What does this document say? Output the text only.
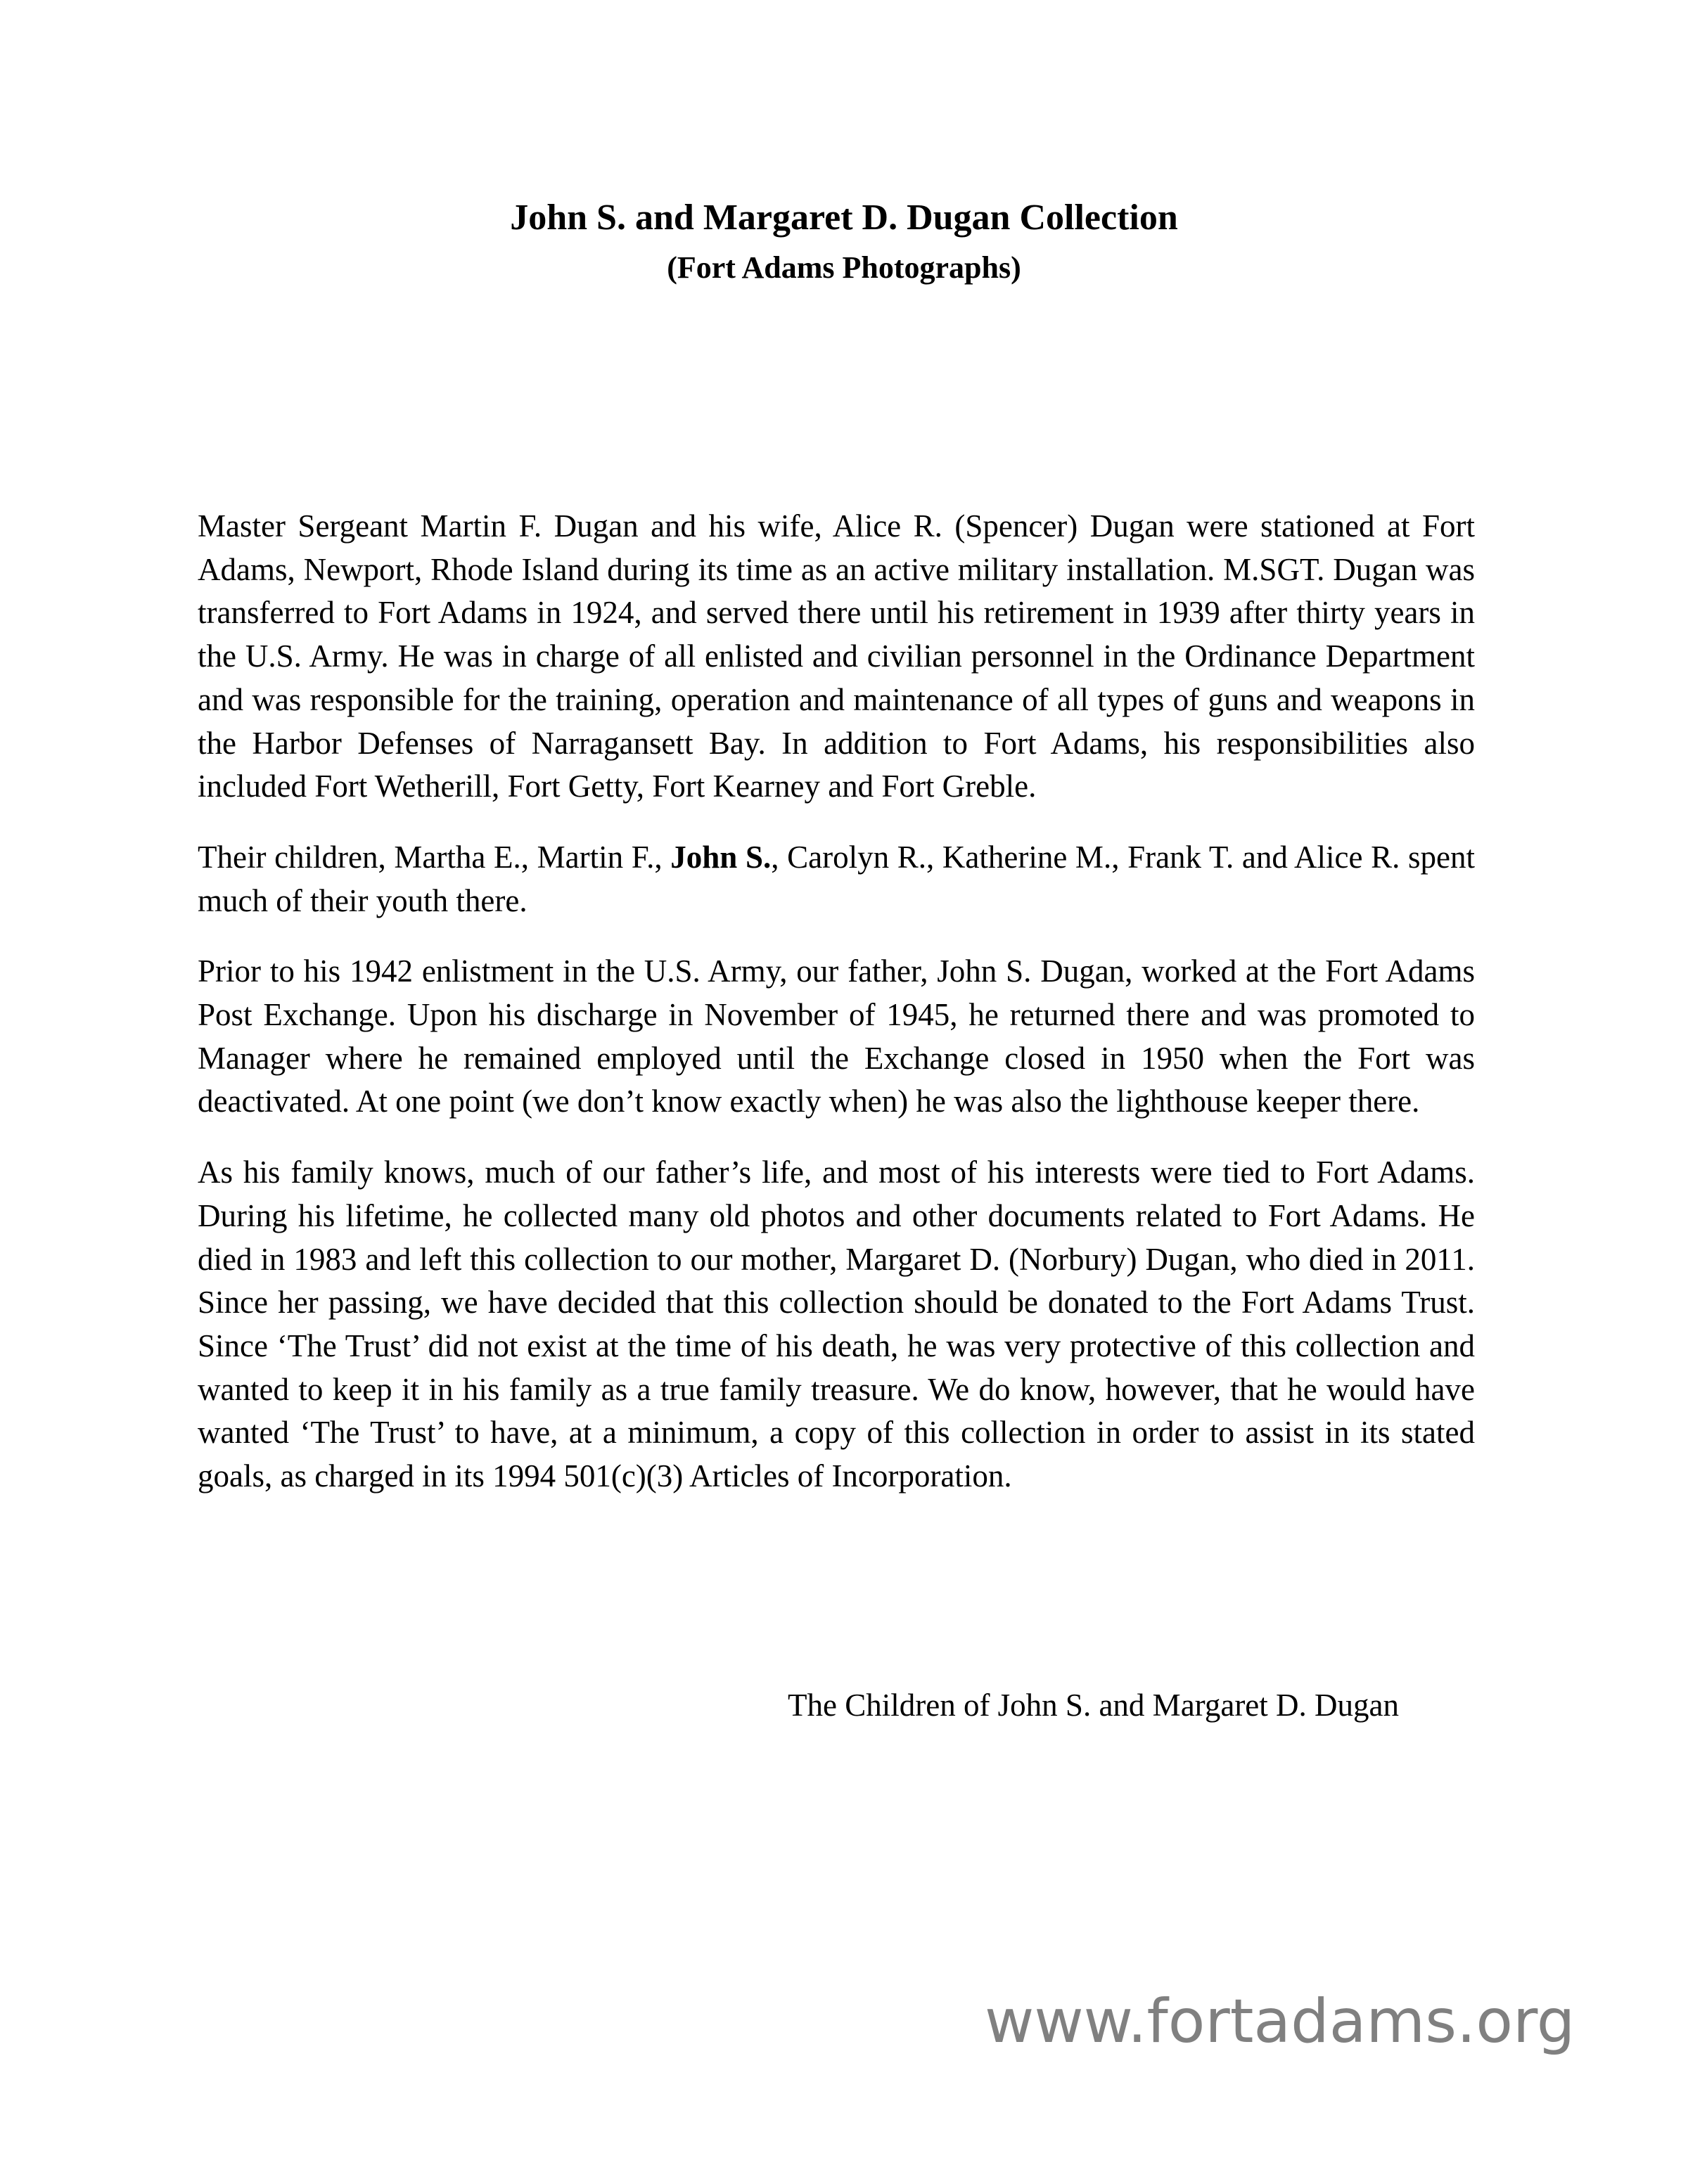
John S. and Margaret D. Dugan Collection
(Fort Adams Photographs)

Master Sergeant Martin F. Dugan and his wife, Alice R. (Spencer) Dugan were stationed at Fort Adams, Newport, Rhode Island during its time as an active military installation. M.SGT. Dugan was transferred to Fort Adams in 1924, and served there until his retirement in 1939 after thirty years in the U.S. Army. He was in charge of all enlisted and civilian personnel in the Ordinance Department and was responsible for the training, operation and maintenance of all types of guns and weapons in the Harbor Defenses of Narragansett Bay. In addition to Fort Adams, his responsibilities also included Fort Wetherill, Fort Getty, Fort Kearney and Fort Greble.

Their children, Martha E., Martin F., John S., Carolyn R., Katherine M., Frank T. and Alice R. spent much of their youth there.

Prior to his 1942 enlistment in the U.S. Army, our father, John S. Dugan, worked at the Fort Adams Post Exchange. Upon his discharge in November of 1945, he returned there and was promoted to Manager where he remained employed until the Exchange closed in 1950 when the Fort was deactivated. At one point (we don’t know exactly when) he was also the lighthouse keeper there.

As his family knows, much of our father’s life, and most of his interests were tied to Fort Adams. During his lifetime, he collected many old photos and other documents related to Fort Adams. He died in 1983 and left this collection to our mother, Margaret D. (Norbury) Dugan, who died in 2011. Since her passing, we have decided that this collection should be donated to the Fort Adams Trust. Since ‘The Trust’ did not exist at the time of his death, he was very protective of this collection and wanted to keep it in his family as a true family treasure. We do know, however, that he would have wanted ‘The Trust’ to have, at a minimum, a copy of this collection in order to assist in its stated goals, as charged in its 1994 501(c)(3) Articles of Incorporation.

The Children of John S. and Margaret D. Dugan
www.fortadams.org
